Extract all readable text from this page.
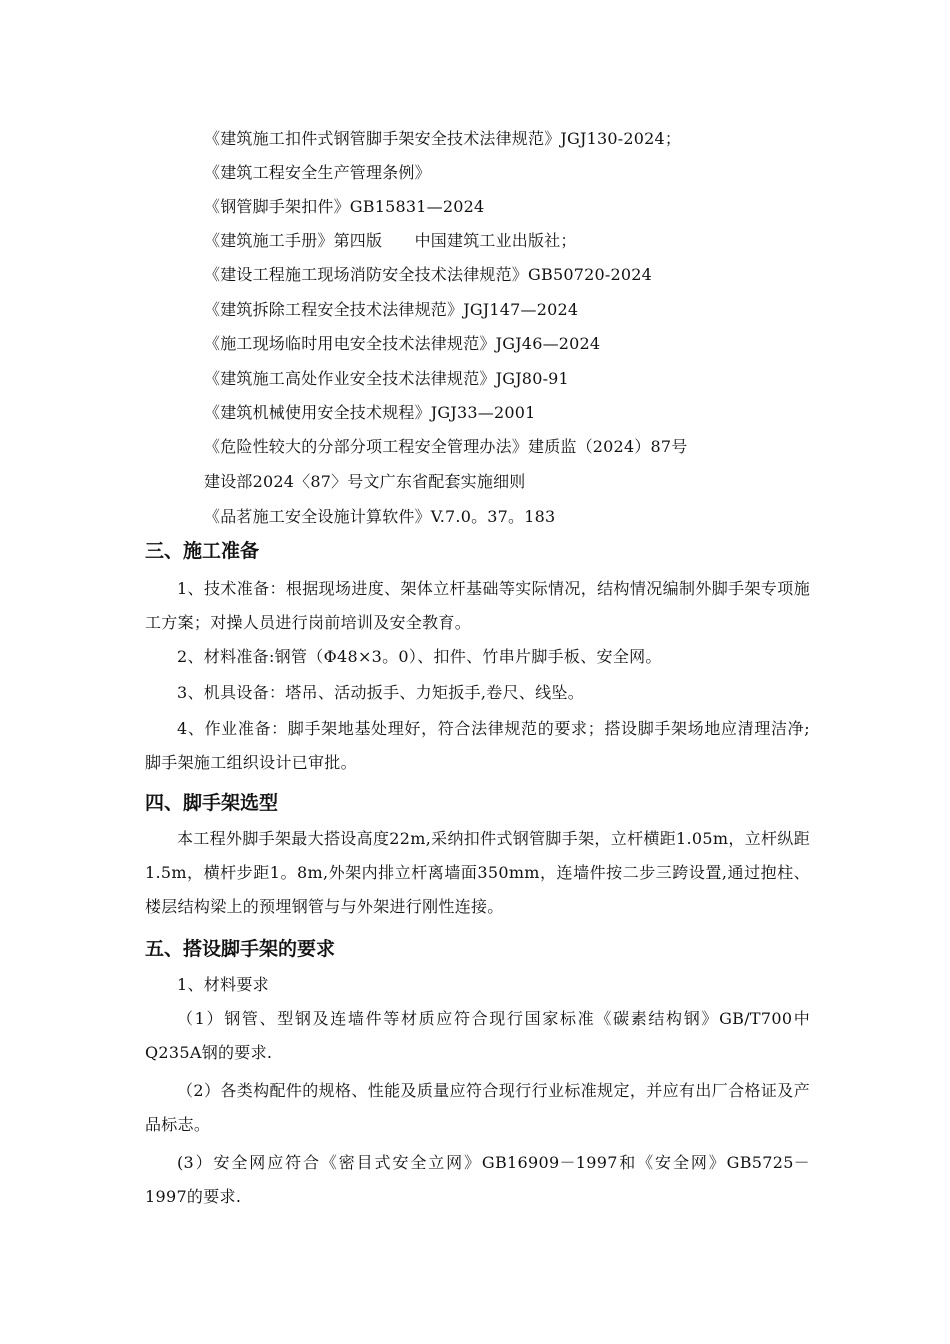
《建筑施工扣件式钢管脚手架安全技术法律规范》JGJ130-2024；
《建筑工程安全生产管理条例》
《钢管脚手架扣件》GB15831—2024
《建筑施工手册》第四版　　中国建筑工业出版社；
《建设工程施工现场消防安全技术法律规范》GB50720-2024
《建筑拆除工程安全技术法律规范》JGJ147—2024
《施工现场临时用电安全技术法律规范》JGJ46—2024
《建筑施工高处作业安全技术法律规范》JGJ80-91
《建筑机械使用安全技术规程》JGJ33—2001
《危险性较大的分部分项工程安全管理办法》建质监（2024）87号
建设部2024〈87〉号文广东省配套实施细则
《品茗施工安全设施计算软件》V.7.0。37。183
三、施工准备
1、技术准备：根据现场进度、架体立杆基础等实际情况，结构情况编制外脚手架专项施工方案；对操人员进行岗前培训及安全教育。
2、材料准备:钢管（Φ48×3。0）、扣件、竹串片脚手板、安全网。
3、机具设备：塔吊、活动扳手、力矩扳手,卷尺、线坠。
4、作业准备：脚手架地基处理好，符合法律规范的要求；搭设脚手架场地应清理洁净;脚手架施工组织设计已审批。
四、脚手架选型
本工程外脚手架最大搭设高度22m,采纳扣件式钢管脚手架，立杆横距1.05m，立杆纵距1.5m，横杆步距1。8m,外架内排立杆离墙面350mm，连墙件按二步三跨设置,通过抱柱、楼层结构梁上的预埋钢管与与外架进行刚性连接。
五、搭设脚手架的要求
1、材料要求
（1）钢管、型钢及连墙件等材质应符合现行国家标准《碳素结构钢》GB/T700中Q235A钢的要求.
（2）各类构配件的规格、性能及质量应符合现行行业标准规定，并应有出厂合格证及产品标志。
(3）安全网应符合《密目式安全立网》GB16909－1997和《安全网》GB5725－1997的要求.
